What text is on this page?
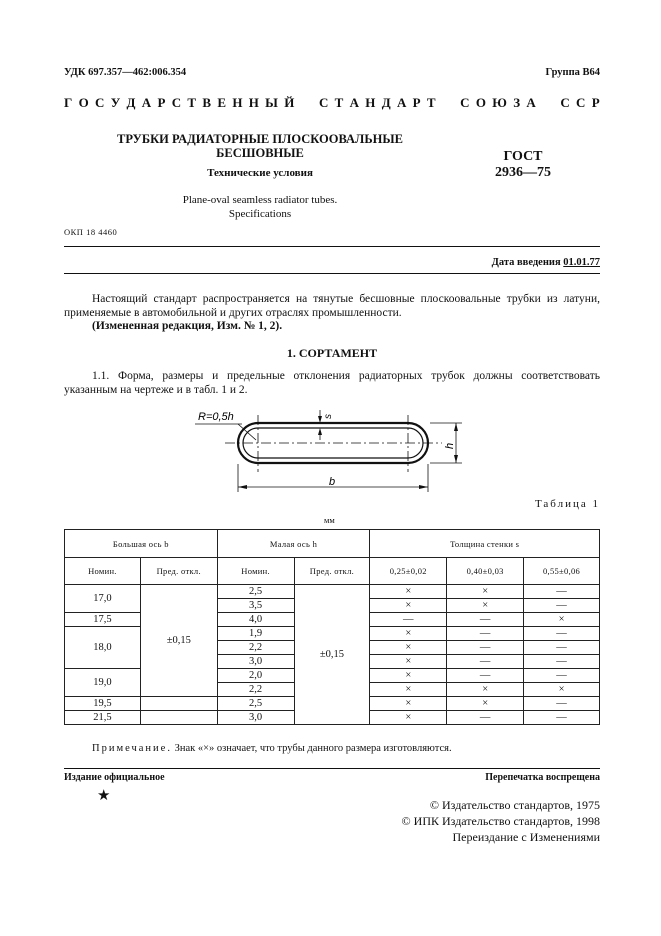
УДК 697.357—462:006.354	Группа В64
Г О С У Д А Р С Т В Е Н Н Ы Й С Т А Н Д А Р Т С О Ю З А С С Р
ТРУБКИ РАДИАТОРНЫЕ ПЛОСКООВАЛЬНЫЕ
БЕСШОВНЫЕ
Технические условия
Plane-oval seamless radiator tubes.
Specifications
ГОСТ
2936—75
ОКП 18 4460
Дата введения 01.01.77
Настоящий стандарт распространяется на тянутые бесшовные плоскоовальные трубки из латуни, применяемые в автомобильной и других отраслях промышленности.
(Измененная редакция, Изм. № 1, 2).
1. СОРТАМЕНТ
1.1. Форма, размеры и предельные отклонения радиаторных трубок должны соответствовать указанным на чертеже и в табл. 1 и 2.
R=0,5h
b
h
s
Таблица 1
мм
Большая ось b		Малая ось h		Толщина стенки s		
Номин.	Пред. откл.	Номин.	Пред. откл.	0,25±0,02	0,40±0,03	0,55±0,06
17,0	±0,15	2,5	±0,15	×	×	—
		3,5		×	×	—
17,5		4,0		—	—	×
18,0		1,9		×	—	—
		2,2		×	—	—
		3,0		×	—	—
19,0		2,0		×	—	—
		2,2		×	×	×
19,5		2,5		×	×	—
21,5		3,0		×	—	—
Примечание. Знак «×» означает, что трубы данного размера изготовляются.
Издание официальное	Перепечатка воспрещена
★
© Издательство стандартов, 1975
© ИПК Издательство стандартов, 1998
Переиздание с Изменениями
